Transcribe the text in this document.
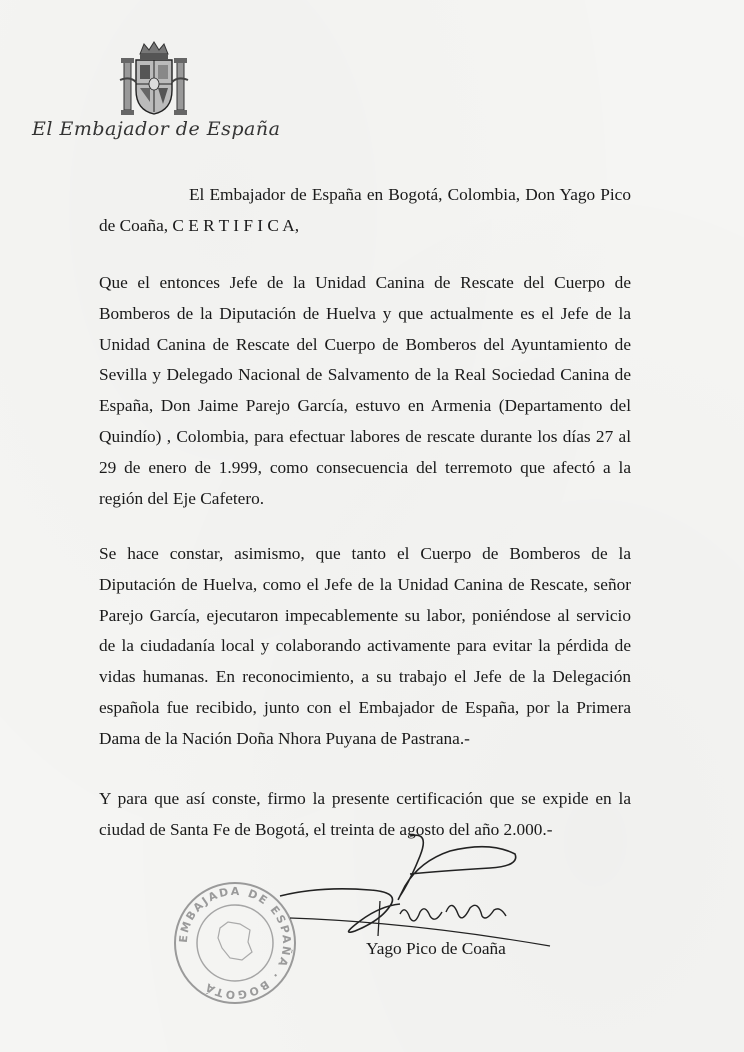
El Embajador de España

El Embajador de España en Bogotá, Colombia, Don Yago Pico de Coaña, C E R T I F I C A,

Que el entonces Jefe de la Unidad Canina de Rescate del Cuerpo de Bomberos de la Diputación de Huelva y que actualmente es el Jefe de la Unidad Canina de Rescate del Cuerpo de Bomberos del Ayuntamiento de Sevilla y Delegado Nacional de Salvamento de la Real Sociedad Canina de España, Don Jaime Parejo García, estuvo en Armenia (Departamento del Quindío) , Colombia, para efectuar labores de rescate durante los días 27 al 29 de enero de 1.999, como consecuencia del terremoto que afectó a la región del Eje Cafetero.

Se hace constar, asimismo, que tanto el Cuerpo de Bomberos de la Diputación de Huelva, como el Jefe de la Unidad Canina de Rescate, señor Parejo García, ejecutaron impecablemente su labor, poniéndose al servicio de la ciudadanía local y colaborando activamente para evitar la pérdida de vidas humanas. En reconocimiento, a su trabajo el Jefe de la Delegación española fue recibido, junto con el Embajador de España, por la Primera Dama de la Nación Doña Nhora Puyana de Pastrana.-

Y para que así conste, firmo la presente certificación que se expide en la ciudad de Santa Fe de Bogotá, el treinta de agosto del año 2.000.-

EMBAJADA DE ESPAÑA · BOGOTÁ
Yago Pico de Coaña
